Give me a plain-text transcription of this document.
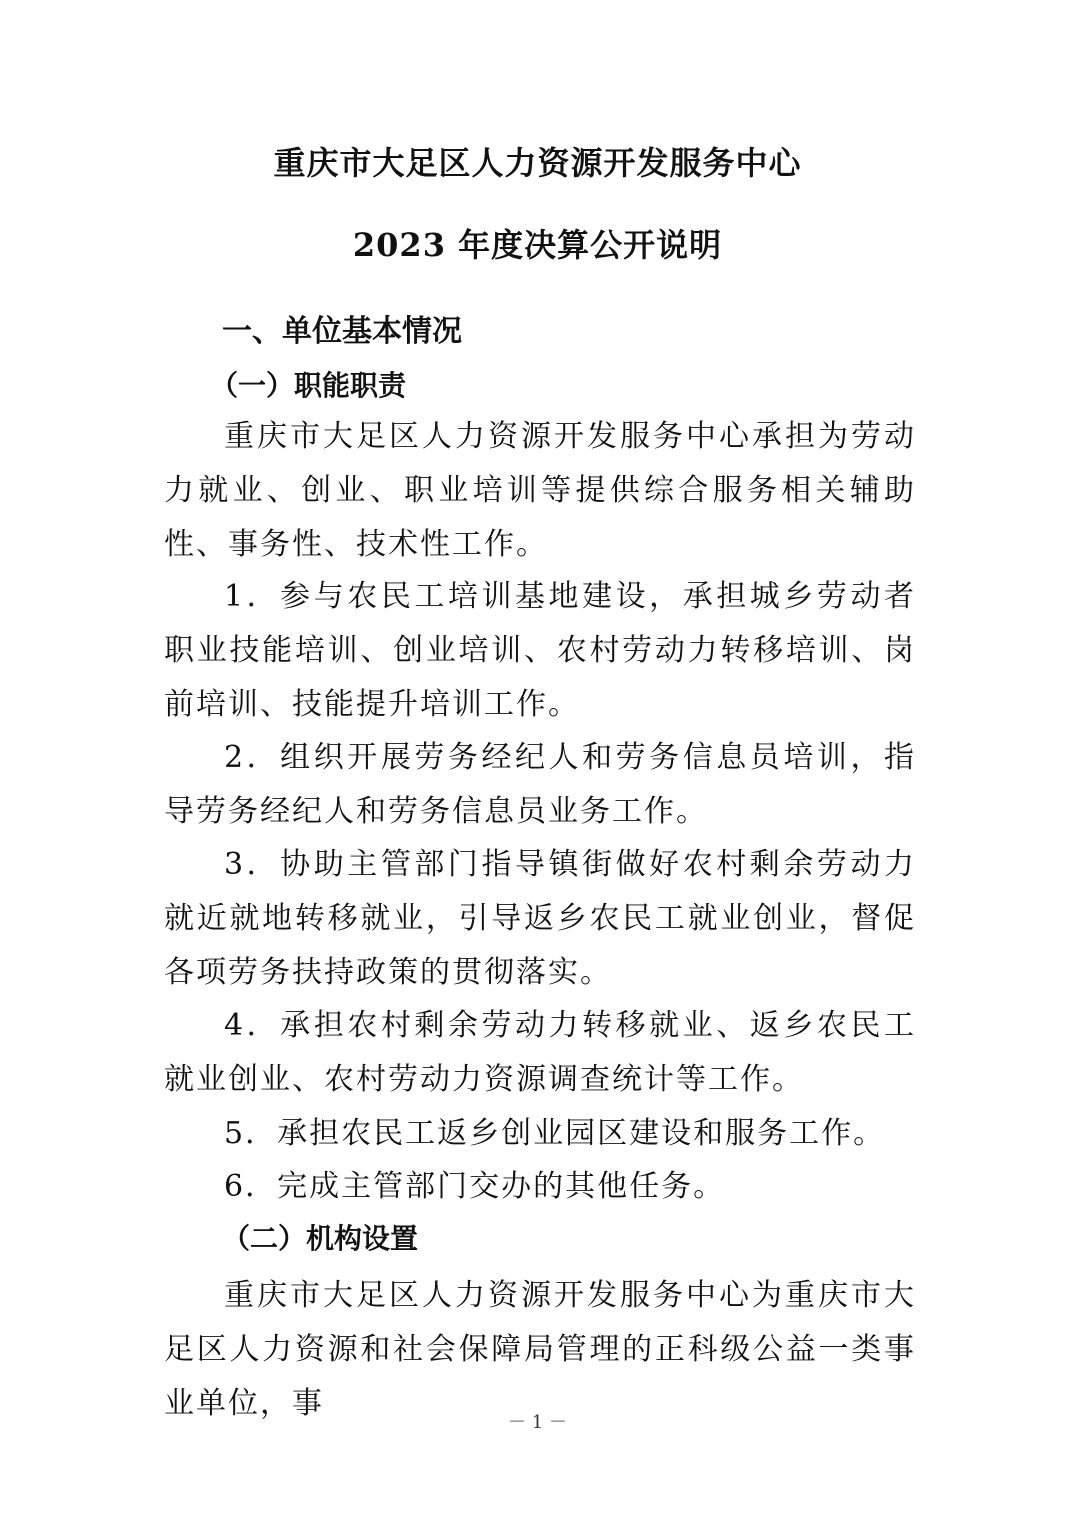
重庆市大足区人力资源开发服务中心
2023 年度决算公开说明
一、单位基本情况
（一）职能职责

重庆市大足区人力资源开发服务中心承担为劳动力就业、创业、职业培训等提供综合服务相关辅助性、事务性、技术性工作。

1．参与农民工培训基地建设，承担城乡劳动者职业技能培训、创业培训、农村劳动力转移培训、岗前培训、技能提升培训工作。

2．组织开展劳务经纪人和劳务信息员培训，指导劳务经纪人和劳务信息员业务工作。

3．协助主管部门指导镇街做好农村剩余劳动力就近就地转移就业，引导返乡农民工就业创业，督促各项劳务扶持政策的贯彻落实。

4．承担农村剩余劳动力转移就业、返乡农民工就业创业、农村劳动力资源调查统计等工作。

5．承担农民工返乡创业园区建设和服务工作。

6．完成主管部门交办的其他任务。

（二）机构设置

重庆市大足区人力资源开发服务中心为重庆市大足区人力资源和社会保障局管理的正科级公益一类事业单位，事

－ 1 －
